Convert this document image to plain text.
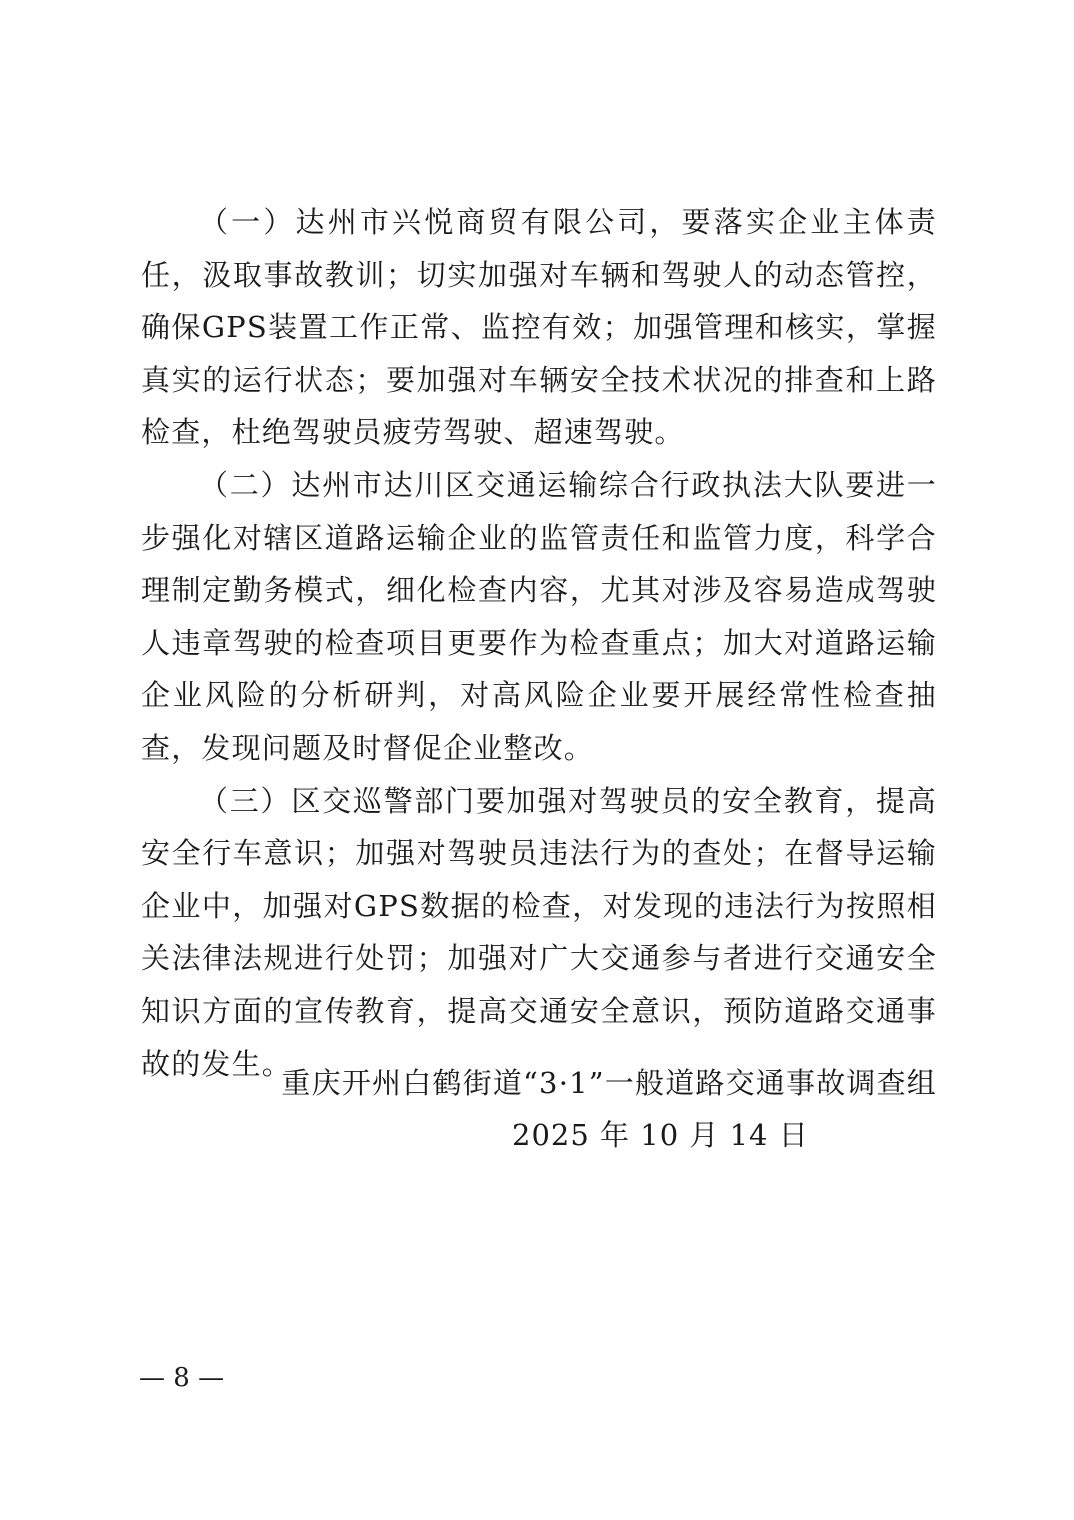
（一）达州市兴悦商贸有限公司，要落实企业主体责任，汲取事故教训；切实加强对车辆和驾驶人的动态管控，确保GPS装置工作正常、监控有效；加强管理和核实，掌握真实的运行状态；要加强对车辆安全技术状况的排查和上路检查，杜绝驾驶员疲劳驾驶、超速驾驶。

（二）达州市达川区交通运输综合行政执法大队要进一步强化对辖区道路运输企业的监管责任和监管力度，科学合理制定勤务模式，细化检查内容，尤其对涉及容易造成驾驶人违章驾驶的检查项目更要作为检查重点；加大对道路运输企业风险的分析研判，对高风险企业要开展经常性检查抽查，发现问题及时督促企业整改。

（三）区交巡警部门要加强对驾驶员的安全教育，提高安全行车意识；加强对驾驶员违法行为的查处；在督导运输企业中，加强对GPS数据的检查，对发现的违法行为按照相关法律法规进行处罚；加强对广大交通参与者进行交通安全知识方面的宣传教育，提高交通安全意识，预防道路交通事故的发生。

重庆开州白鹤街道“3·1”一般道路交通事故调查组
2025 年 10 月 14 日
— 8 —
